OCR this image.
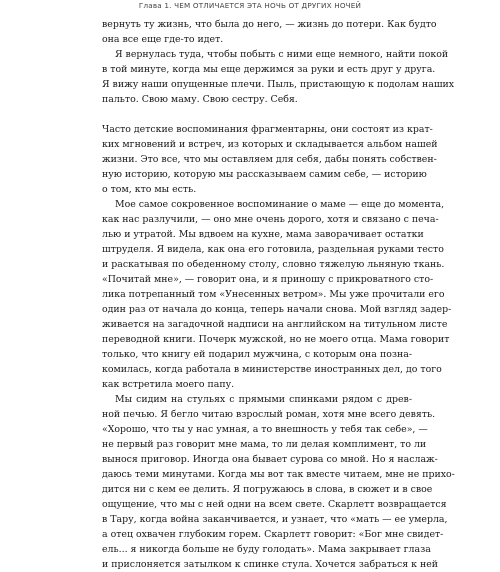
Глава 1. ЧЕМ ОТЛИЧАЕТСЯ ЭТА НОЧЬ ОТ ДРУГИХ НОЧЕЙ
вернуть ту жизнь, что была до него, — жизнь до потери. Как будто
она все еще где-то идет.
Я вернулась туда, чтобы побыть с ними еще немного, найти покой
в той минуте, когда мы еще держимся за руки и есть друг у друга.
Я вижу наши опущенные плечи. Пыль, пристающую к подолам наших
пальто. Свою маму. Свою сестру. Себя.
Часто детские воспоминания фрагментарны, они состоят из крат-
ких мгновений и встреч, из которых и складывается альбом нашей
жизни. Это все, что мы оставляем для себя, дабы понять собствен-
ную историю, которую мы рассказываем самим себе, — историю
о том, кто мы есть.
Мое самое сокровенное воспоминание о маме — еще до момента,
как нас разлучили, — оно мне очень дорого, хотя и связано с печа-
лью и утратой. Мы вдвоем на кухне, мама заворачивает остатки
штруделя. Я видела, как она его готовила, раздельная руками тесто
и раскатывая по обеденному столу, словно тяжелую льняную ткань.
«Почитай мне», — говорит она, и я приношу с прикроватного сто-
лика потрепанный том «Унесенных ветром». Мы уже прочитали его
один раз от начала до конца, теперь начали снова. Мой взгляд задер-
живается на загадочной надписи на английском на титульном листе
переводной книги. Почерк мужской, но не моего отца. Мама говорит
только, что книгу ей подарил мужчина, с которым она позна-
комилась, когда работала в министерстве иностранных дел, до того
как встретила моего папу.
Мы сидим на стульях с прямыми спинками рядом с древ-
ной печью. Я бегло читаю взрослый роман, хотя мне всего девять.
«Хорошо, что ты у нас умная, а то внешность у тебя так себе», —
не первый раз говорит мне мама, то ли делая комплимент, то ли
вынося приговор. Иногда она бывает сурова со мной. Но я наслаж-
даюсь теми минутами. Когда мы вот так вместе читаем, мне не прихо-
дится ни с кем ее делить. Я погружаюсь в слова, в сюжет и в свое
ощущение, что мы с ней одни на всем свете. Скарлетт возвращается
в Тару, когда война заканчивается, и узнает, что «мать — ее умерла,
а отец охвачен глубоким горем. Скарлетт говорит: «Бог мне свидет-
ель... я никогда больше не буду голодать». Мама закрывает глаза
и прислоняется затылком к спинке стула. Хочется забраться к ней
